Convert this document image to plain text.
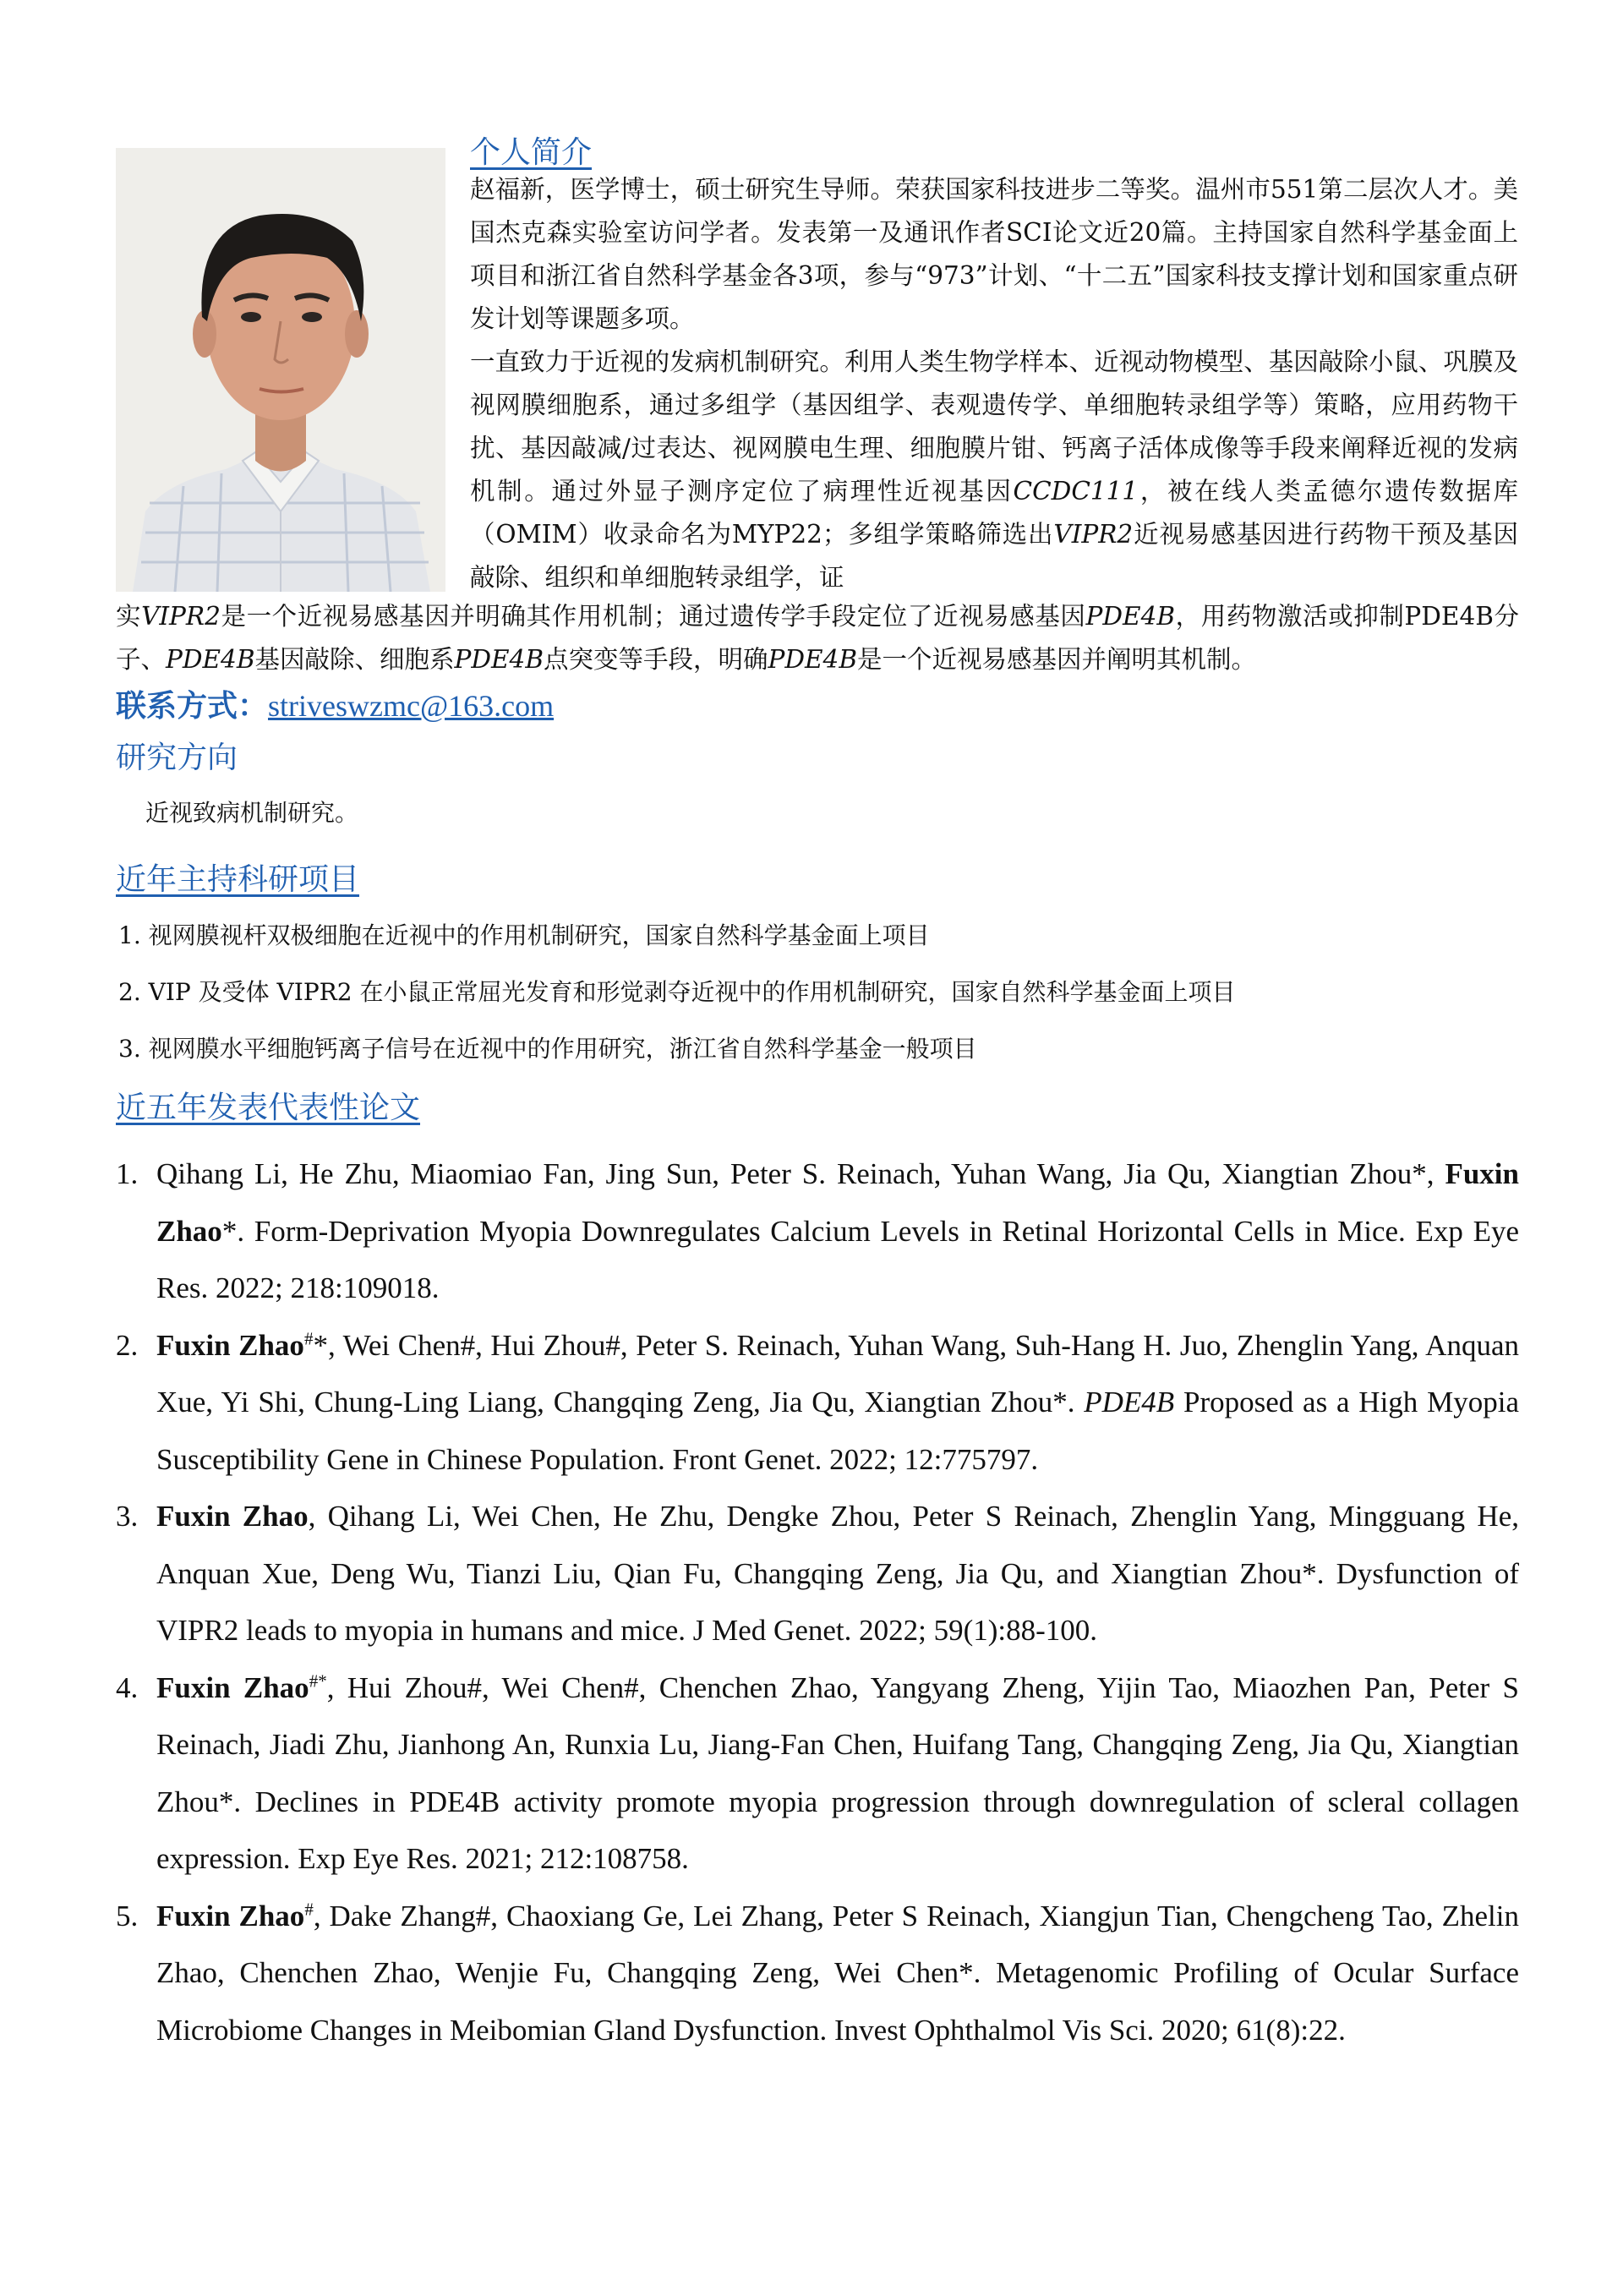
个人简介
赵福新，医学博士，硕士研究生导师。荣获国家科技进步二等奖。温州市551第二层次人才。美国杰克森实验室访问学者。发表第一及通讯作者SCI论文近20篇。主持国家自然科学基金面上项目和浙江省自然科学基金各3项，参与“973”计划、“十二五”国家科技支撑计划和国家重点研发计划等课题多项。
一直致力于近视的发病机制研究。利用人类生物学样本、近视动物模型、基因敲除小鼠、巩膜及视网膜细胞系，通过多组学（基因组学、表观遗传学、单细胞转录组学等）策略，应用药物干扰、基因敲减/过表达、视网膜电生理、细胞膜片钳、钙离子活体成像等手段来阐释近视的发病机制。通过外显子测序定位了病理性近视基因CCDC111，被在线人类孟德尔遗传数据库（OMIM）收录命名为MYP22；多组学策略筛选出VIPR2近视易感基因进行药物干预及基因敲除、组织和单细胞转录组学，证
实VIPR2是一个近视易感基因并明确其作用机制；通过遗传学手段定位了近视易感基因PDE4B，用药物激活或抑制PDE4B分子、PDE4B基因敲除、细胞系PDE4B点突变等手段，明确PDE4B是一个近视易感基因并阐明其机制。
联系方式：striveswzmc@163.com
研究方向
近视致病机制研究。
近年主持科研项目
1. 视网膜视杆双极细胞在近视中的作用机制研究，国家自然科学基金面上项目
2. VIP 及受体 VIPR2 在小鼠正常屈光发育和形觉剥夺近视中的作用机制研究，国家自然科学基金面上项目
3. 视网膜水平细胞钙离子信号在近视中的作用研究，浙江省自然科学基金一般项目
近五年发表代表性论文
1. Qihang Li, He Zhu, Miaomiao Fan, Jing Sun, Peter S. Reinach, Yuhan Wang, Jia Qu, Xiangtian Zhou*, Fuxin Zhao*. Form-Deprivation Myopia Downregulates Calcium Levels in Retinal Horizontal Cells in Mice. Exp Eye Res. 2022; 218:109018.
2. Fuxin Zhao#*, Wei Chen#, Hui Zhou#, Peter S. Reinach, Yuhan Wang, Suh-Hang H. Juo, Zhenglin Yang, Anquan Xue, Yi Shi, Chung-Ling Liang, Changqing Zeng, Jia Qu, Xiangtian Zhou*. PDE4B Proposed as a High Myopia Susceptibility Gene in Chinese Population. Front Genet. 2022; 12:775797.
3. Fuxin Zhao, Qihang Li, Wei Chen, He Zhu, Dengke Zhou, Peter S Reinach, Zhenglin Yang, Mingguang He, Anquan Xue, Deng Wu, Tianzi Liu, Qian Fu, Changqing Zeng, Jia Qu, and Xiangtian Zhou*. Dysfunction of VIPR2 leads to myopia in humans and mice. J Med Genet. 2022; 59(1):88-100.
4. Fuxin Zhao#*, Hui Zhou#, Wei Chen#, Chenchen Zhao, Yangyang Zheng, Yijin Tao, Miaozhen Pan, Peter S Reinach, Jiadi Zhu, Jianhong An, Runxia Lu, Jiang-Fan Chen, Huifang Tang, Changqing Zeng, Jia Qu, Xiangtian Zhou*. Declines in PDE4B activity promote myopia progression through downregulation of scleral collagen expression. Exp Eye Res. 2021; 212:108758.
5. Fuxin Zhao#, Dake Zhang#, Chaoxiang Ge, Lei Zhang, Peter S Reinach, Xiangjun Tian, Chengcheng Tao, Zhelin Zhao, Chenchen Zhao, Wenjie Fu, Changqing Zeng, Wei Chen*. Metagenomic Profiling of Ocular Surface Microbiome Changes in Meibomian Gland Dysfunction. Invest Ophthalmol Vis Sci. 2020; 61(8):22.
